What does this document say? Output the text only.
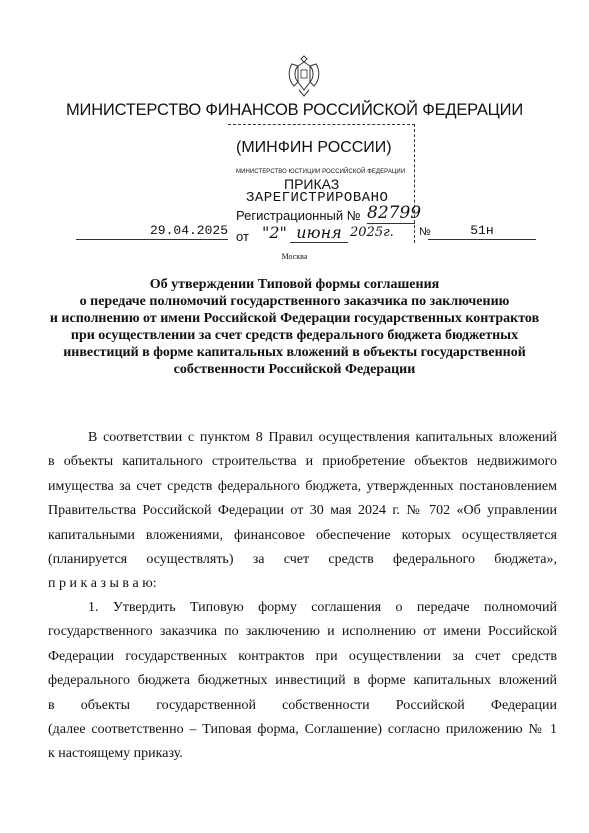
МИНИСТЕРСТВО ФИНАНСОВ РОССИЙСКОЙ ФЕДЕРАЦИИ
(МИНФИН РОССИИ)
МИНИСТЕРСТВО ЮСТИЦИИ РОССИЙСКОЙ ФЕДЕРАЦИИ
ПРИКАЗ
ЗАРЕГИСТРИРОВАНО
Регистрационный № 82799
от "2" июня 2025г.
29.04.2025	№	51н
Москва
Об утверждении Типовой формы соглашения
о передаче полномочий государственного заказчика по заключению
и исполнению от имени Российской Федерации государственных контрактов
при осуществлении за счет средств федерального бюджета бюджетных
инвестиций в форме капитальных вложений в объекты государственной
собственности Российской Федерации
В соответствии с пунктом 8 Правил осуществления капитальных вложений
в объекты капитального строительства и приобретение объектов недвижимого
имущества за счет средств федерального бюджета, утвержденных постановлением
Правительства Российской Федерации от 30 мая 2024 г. № 702 «Об управлении
капитальными вложениями, финансовое обеспечение которых осуществляется
(планируется осуществлять) за счет средств федерального бюджета»,
п р и к а з ы в а ю:
1. Утвердить Типовую форму соглашения о передаче полномочий
государственного заказчика по заключению и исполнению от имени Российской
Федерации государственных контрактов при осуществлении за счет средств
федерального бюджета бюджетных инвестиций в форме капитальных вложений
в объекты государственной собственности Российской Федерации
(далее соответственно – Типовая форма, Соглашение) согласно приложению № 1
к настоящему приказу.
